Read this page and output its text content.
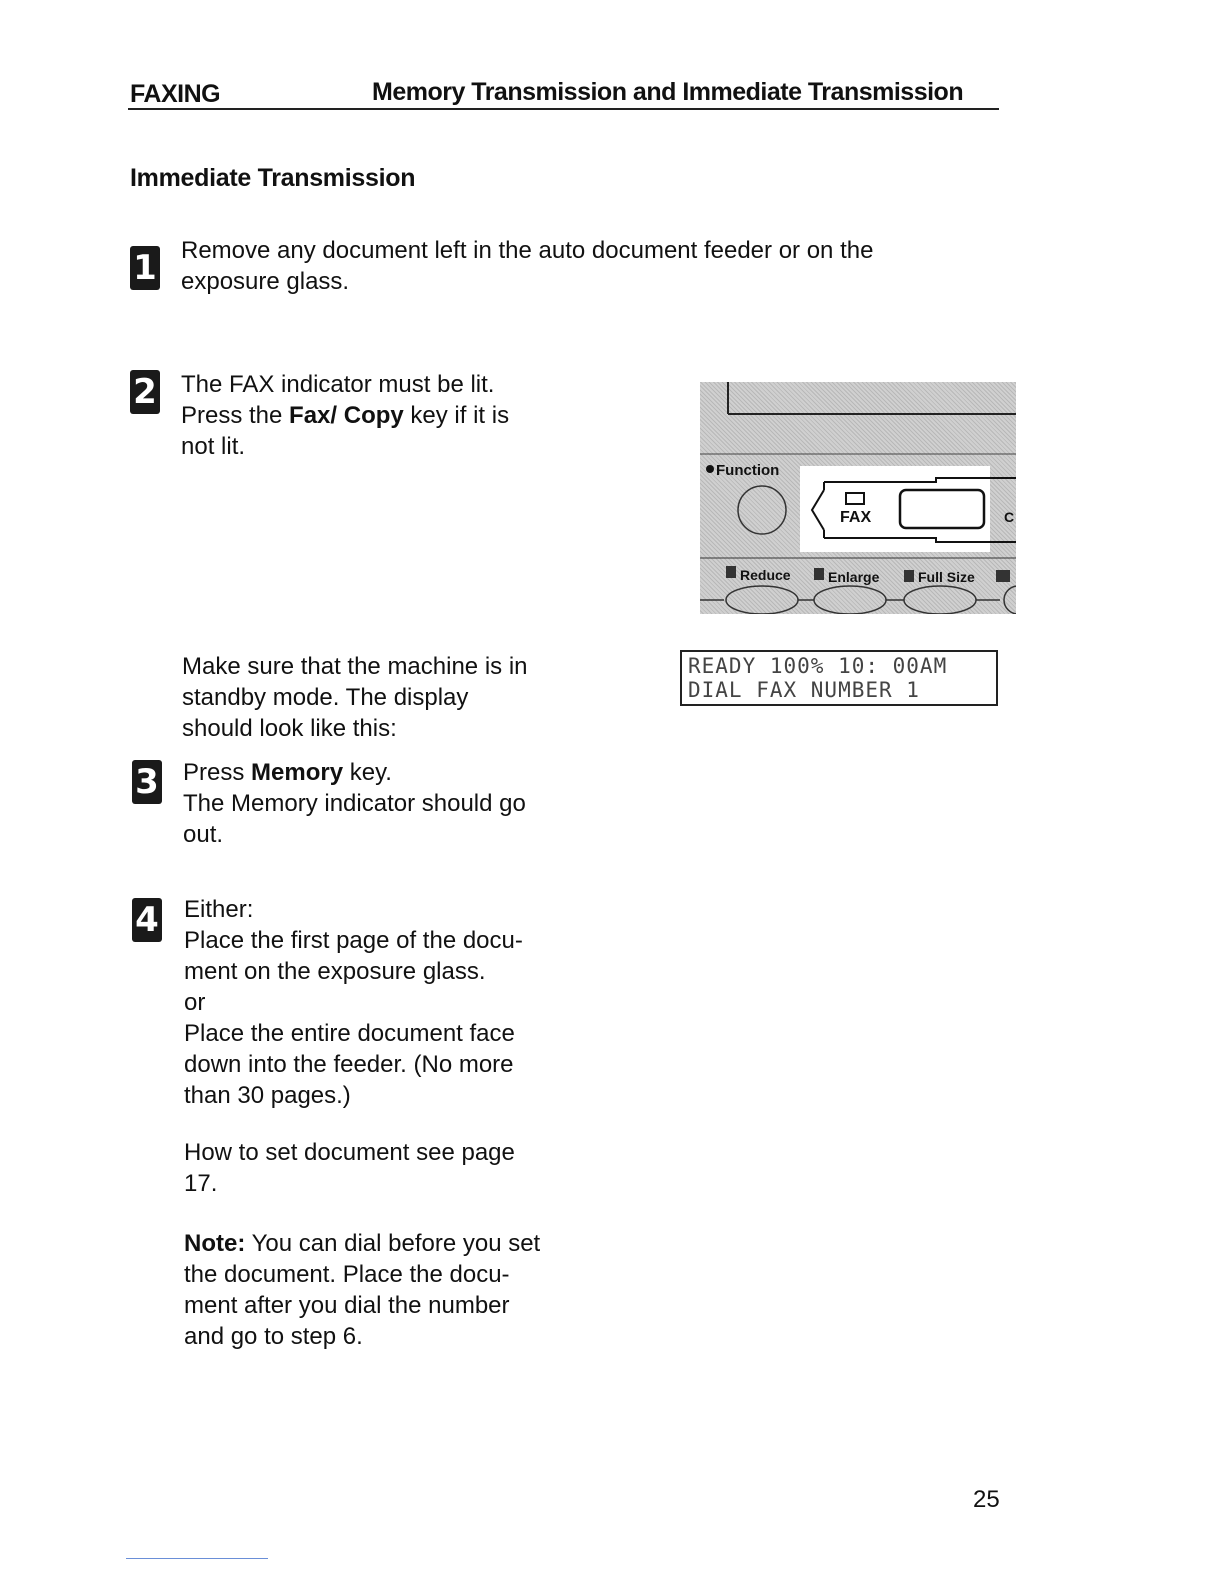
FAXING	Memory Transmission and Immediate Transmission
Immediate Transmission
1 Remove any document left in the auto document feeder or on the exposure glass.
2 The FAX indicator must be lit.

Press the Fax/ Copy key if it is

not lit.

Function
FAX	C
Reduce	Enlarge	Full Size

Make sure that the machine is in

standby mode. The display

should look like this:

READY 100% 10: 00AM
DIAL FAX NUMBER 1
3 Press Memory key.

The Memory indicator should go

out.

4 Either:

Place the first page of the docu-

ment on the exposure glass.

or

Place the entire document face

down into the feeder. (No more

than 30 pages.)

How to set document see page

17.

Note: You can dial before you set

the document. Place the docu-

ment after you dial the number

and go to step 6.

25
